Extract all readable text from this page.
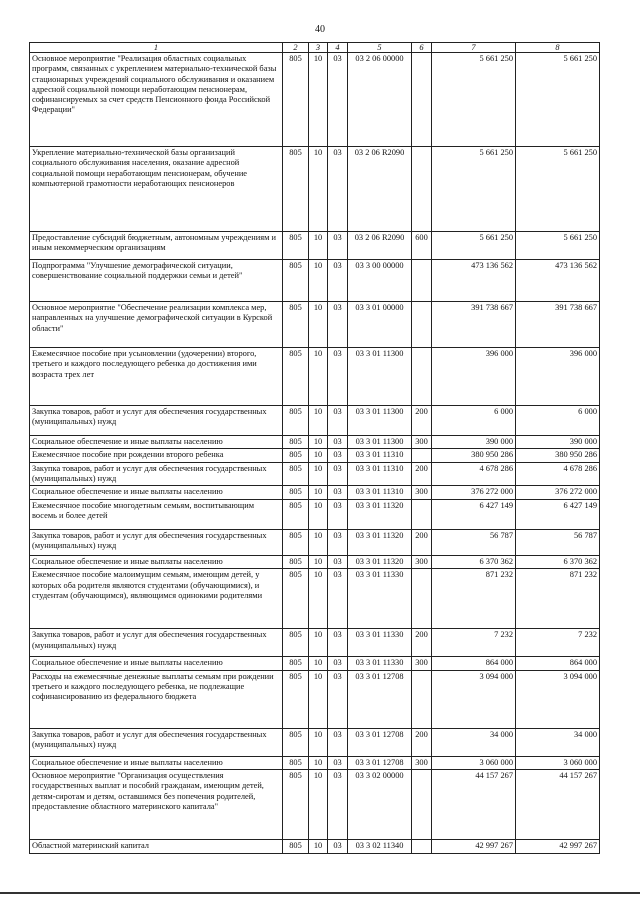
40
1	2	3	4	5	6	7	8
Основное мероприятие "Реализация областных социальных программ, связанных с укреплением материально-технической базы стационарных учреждений социального обслуживания и оказанием адресной социальной помощи неработающим пенсионерам, софинансируемых за счет средств Пенсионного фонда Российской Федерации"	805	10	03	03 2 06 00000		5 661 250	5 661 250
Укрепление материально-технической базы организаций социального обслуживания населения, оказание адресной социальной помощи неработающим пенсионерам, обучение компьютерной грамотности неработающих пенсионеров	805	10	03	03 2 06 R2090		5 661 250	5 661 250
Предоставление субсидий бюджетным, автономным учреждениям и иным некоммерческим организациям	805	10	03	03 2 06 R2090	600	5 661 250	5 661 250
Подпрограмма "Улучшение демографической ситуации, совершенствование социальной поддержки семьи и детей"	805	10	03	03 3 00 00000		473 136 562	473 136 562
Основное мероприятие "Обеспечение реализации комплекса мер, направленных на улучшение демографической ситуации в Курской области"	805	10	03	03 3 01 00000		391 738 667	391 738 667
Ежемесячное пособие при усыновлении (удочерении) второго, третьего и каждого последующего ребенка до достижения ими возраста трех лет	805	10	03	03 3 01 11300		396 000	396 000
Закупка товаров, работ и услуг для обеспечения государственных (муниципальных) нужд	805	10	03	03 3 01 11300	200	6 000	6 000
Социальное обеспечение и иные выплаты населению	805	10	03	03 3 01 11300	300	390 000	390 000
Ежемесячное пособие при рождении второго ребенка	805	10	03	03 3 01 11310		380 950 286	380 950 286
Закупка товаров, работ и услуг для обеспечения государственных (муниципальных) нужд	805	10	03	03 3 01 11310	200	4 678 286	4 678 286
Социальное обеспечение и иные выплаты населению	805	10	03	03 3 01 11310	300	376 272 000	376 272 000
Ежемесячное пособие многодетным семьям, воспитывающим восемь и более детей	805	10	03	03 3 01 11320		6 427 149	6 427 149
Закупка товаров, работ и услуг для обеспечения государственных (муниципальных) нужд	805	10	03	03 3 01 11320	200	56 787	56 787
Социальное обеспечение и иные выплаты населению	805	10	03	03 3 01 11320	300	6 370 362	6 370 362
Ежемесячное пособие малоимущим семьям, имеющим детей, у которых оба родителя являются студентами (обучающимися), и студентам (обучающимся), являющимся одинокими родителями	805	10	03	03 3 01 11330		871 232	871 232
Закупка товаров, работ и услуг для обеспечения государственных (муниципальных) нужд	805	10	03	03 3 01 11330	200	7 232	7 232
Социальное обеспечение и иные выплаты населению	805	10	03	03 3 01 11330	300	864 000	864 000
Расходы на ежемесячные денежные выплаты семьям при рождении третьего и каждого последующего ребенка, не подлежащие софинансированию из федерального бюджета	805	10	03	03 3 01 12708		3 094 000	3 094 000
Закупка товаров, работ и услуг для обеспечения государственных (муниципальных) нужд	805	10	03	03 3 01 12708	200	34 000	34 000
Социальное обеспечение и иные выплаты населению	805	10	03	03 3 01 12708	300	3 060 000	3 060 000
Основное мероприятие "Организация осуществления государственных выплат и пособий гражданам, имеющим детей, детям-сиротам и детям, оставшимся без попечения родителей, предоставление областного материнского капитала"	805	10	03	03 3 02 00000		44 157 267	44 157 267
Областной материнский капитал	805	10	03	03 3 02 11340		42 997 267	42 997 267
